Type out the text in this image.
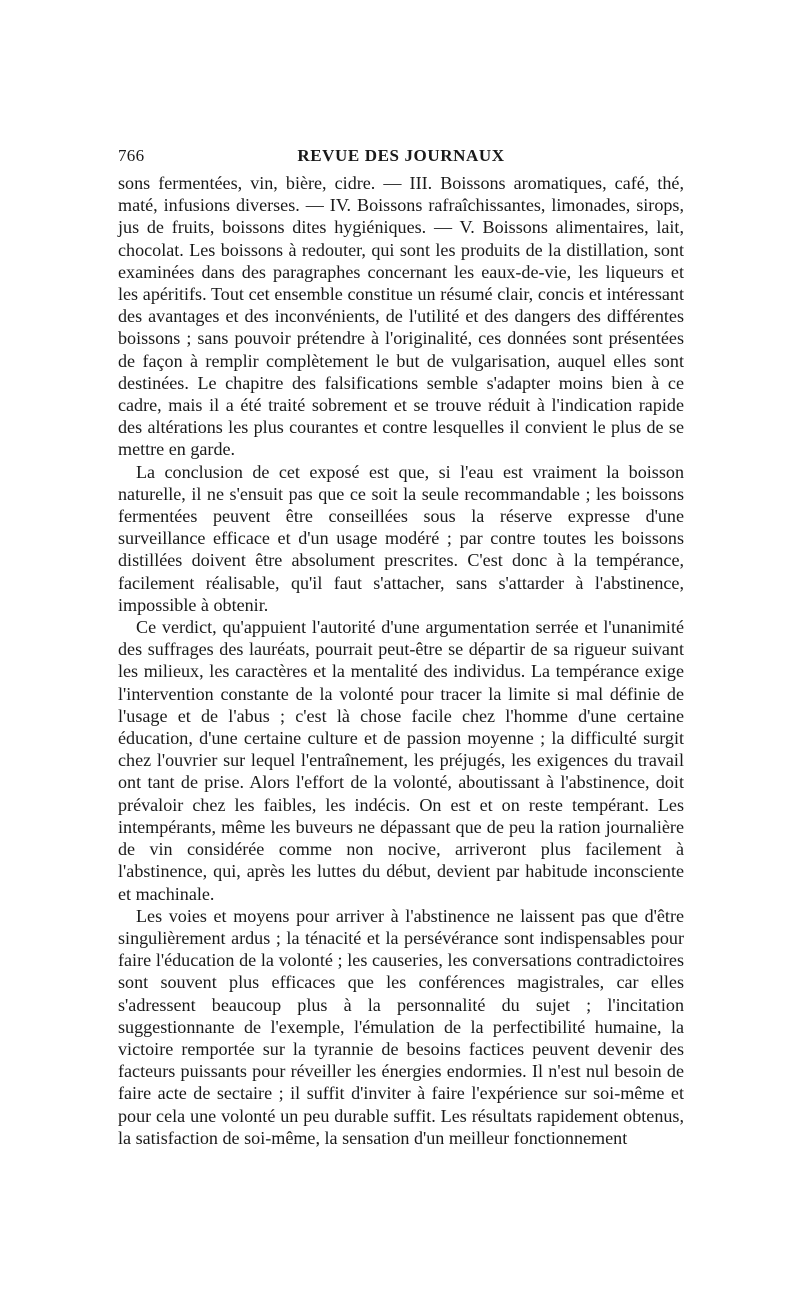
766	REVUE DES JOURNAUX

sons fermentées, vin, bière, cidre. — III. Boissons aromatiques, café, thé, maté, infusions diverses. — IV. Boissons rafraîchissantes, limonades, sirops, jus de fruits, boissons dites hygiéniques. — V. Boissons alimentaires, lait, chocolat. Les boissons à redouter, qui sont les produits de la distillation, sont examinées dans des paragraphes concernant les eaux-de-vie, les liqueurs et les apéritifs. Tout cet ensemble constitue un résumé clair, concis et intéressant des avantages et des inconvénients, de l'utilité et des dangers des différentes boissons ; sans pouvoir prétendre à l'originalité, ces données sont présentées de façon à remplir complètement le but de vulgarisation, auquel elles sont destinées. Le chapitre des falsifications semble s'adapter moins bien à ce cadre, mais il a été traité sobrement et se trouve réduit à l'indication rapide des altérations les plus courantes et contre lesquelles il convient le plus de se mettre en garde.

La conclusion de cet exposé est que, si l'eau est vraiment la boisson naturelle, il ne s'ensuit pas que ce soit la seule recommandable ; les boissons fermentées peuvent être conseillées sous la réserve expresse d'une surveillance efficace et d'un usage modéré ; par contre toutes les boissons distillées doivent être absolument prescrites. C'est donc à la tempérance, facilement réalisable, qu'il faut s'attacher, sans s'attarder à l'abstinence, impossible à obtenir.

Ce verdict, qu'appuient l'autorité d'une argumentation serrée et l'unanimité des suffrages des lauréats, pourrait peut-être se départir de sa rigueur suivant les milieux, les caractères et la mentalité des individus. La tempérance exige l'intervention constante de la volonté pour tracer la limite si mal définie de l'usage et de l'abus ; c'est là chose facile chez l'homme d'une certaine éducation, d'une certaine culture et de passion moyenne ; la difficulté surgit chez l'ouvrier sur lequel l'entraînement, les préjugés, les exigences du travail ont tant de prise. Alors l'effort de la volonté, aboutissant à l'abstinence, doit prévaloir chez les faibles, les indécis. On est et on reste tempérant. Les intempérants, même les buveurs ne dépassant que de peu la ration journalière de vin considérée comme non nocive, arriveront plus facilement à l'abstinence, qui, après les luttes du début, devient par habitude inconsciente et machinale.

Les voies et moyens pour arriver à l'abstinence ne laissent pas que d'être singulièrement ardus ; la ténacité et la persévérance sont indispensables pour faire l'éducation de la volonté ; les causeries, les conversations contradictoires sont souvent plus efficaces que les conférences magistrales, car elles s'adressent beaucoup plus à la personnalité du sujet ; l'incitation suggestionnante de l'exemple, l'émulation de la perfectibilité humaine, la victoire remportée sur la tyrannie de besoins factices peuvent devenir des facteurs puissants pour réveiller les énergies endormies. Il n'est nul besoin de faire acte de sectaire ; il suffit d'inviter à faire l'expérience sur soi-même et pour cela une volonté un peu durable suffit. Les résultats rapidement obtenus, la satisfaction de soi-même, la sensation d'un meilleur fonctionnement
